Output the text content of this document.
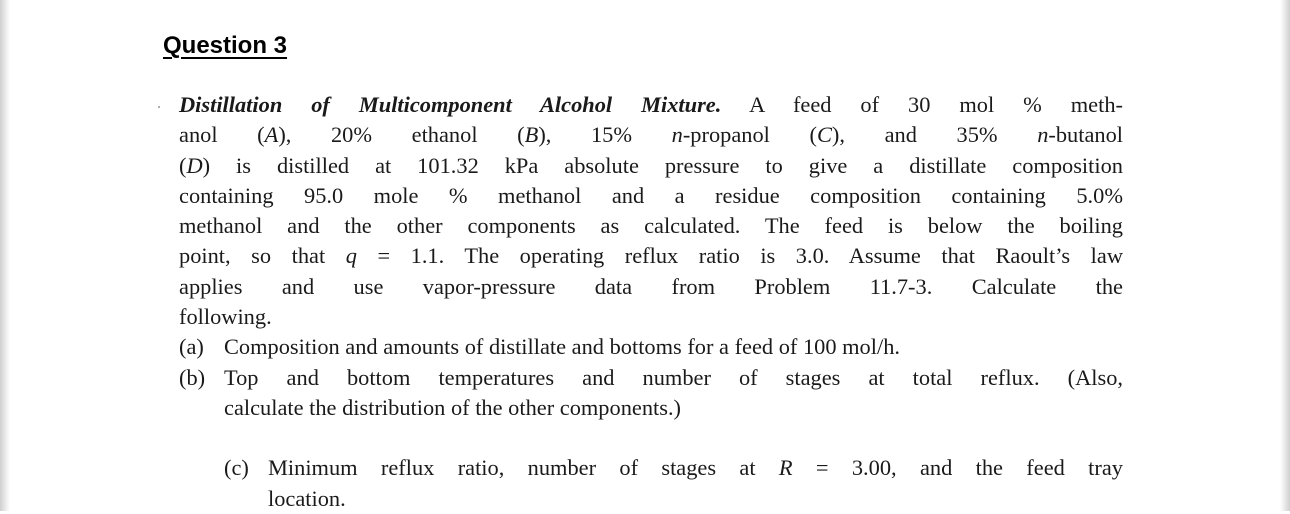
Question 3

Distillation of Multicomponent Alcohol Mixture. A feed of 30 mol % meth-
anol (A), 20% ethanol (B), 15% n-propanol (C), and 35% n-butanol
(D) is distilled at 101.32 kPa absolute pressure to give a distillate composition
containing 95.0 mole % methanol and a residue composition containing 5.0%
methanol and the other components as calculated. The feed is below the boiling
point, so that q = 1.1. The operating reflux ratio is 3.0. Assume that Raoult’s law
applies and use vapor-pressure data from Problem 11.7-3. Calculate the
following.

(a) Composition and amounts of distillate and bottoms for a feed of 100 mol/h.
(b) Top and bottom temperatures and number of stages at total reflux. (Also,
calculate the distribution of the other components.)
(c) Minimum reflux ratio, number of stages at R = 3.00, and the feed tray
location.
